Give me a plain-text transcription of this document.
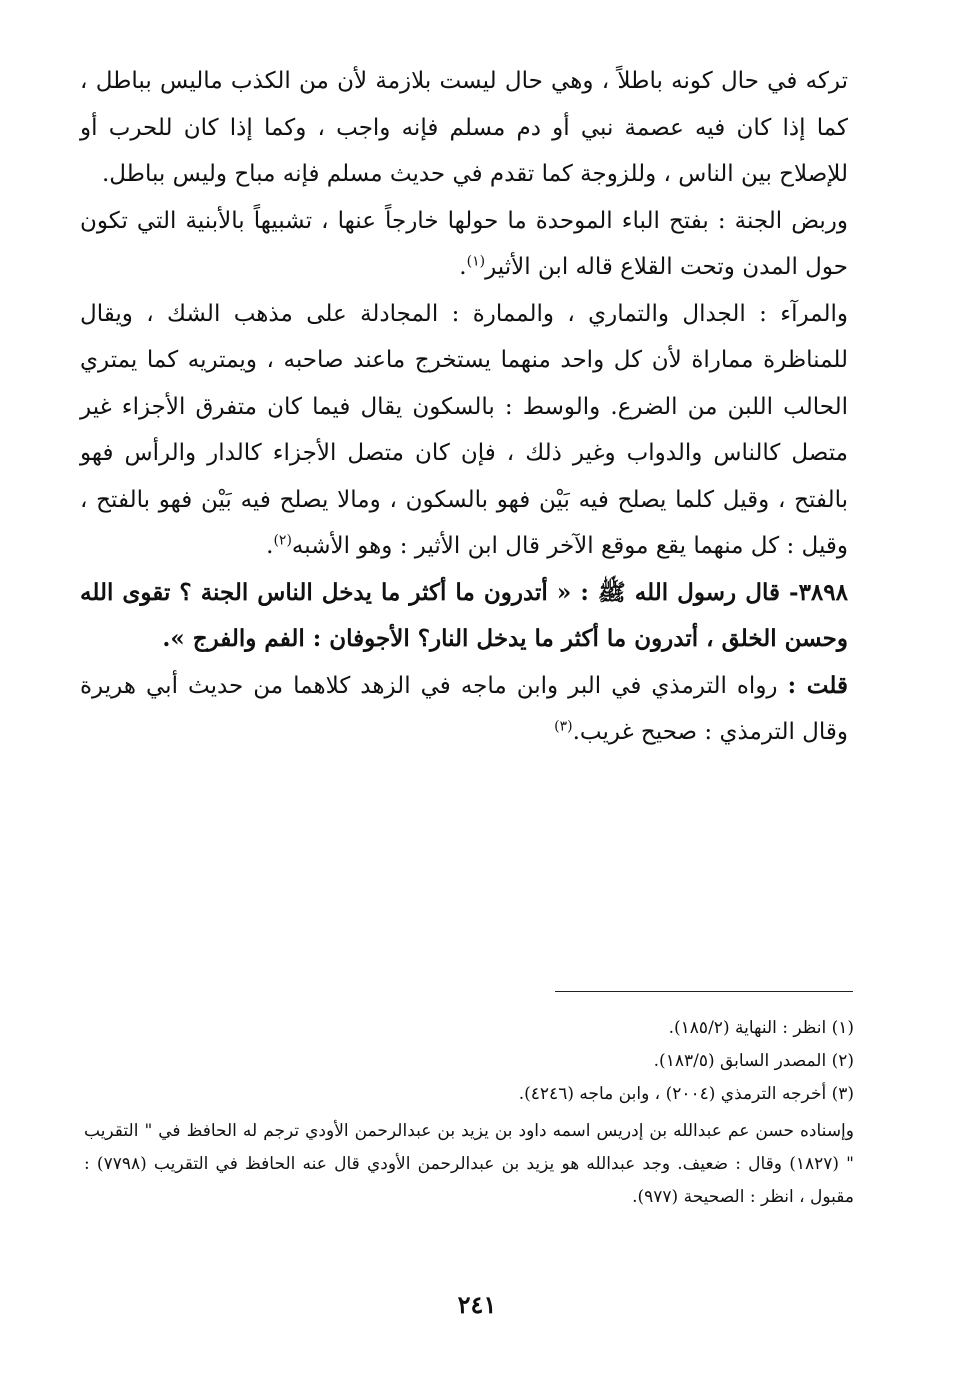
تركه في حال كونه باطلاً ، وهي حال ليست بلازمة لأن من الكذب ماليس بباطل ، كما إذا كان فيه عصمة نبي أو دم مسلم فإنه واجب ، وكما إذا كان للحرب أو للإصلاح بين الناس ، وللزوجة كما تقدم في حديث مسلم فإنه مباح وليس بباطل.

وربض الجنة : بفتح الباء الموحدة ما حولها خارجاً عنها ، تشبيهاً بالأبنية التي تكون حول المدن وتحت القلاع قاله ابن الأثير$^{(١)}$.

والمرآء : الجدال والتماري ، والممارة : المجادلة على مذهب الشك ، ويقال للمناظرة مماراة لأن كل واحد منهما يستخرج ماعند صاحبه ، ويمتريه كما يمتري الحالب اللبن من الضرع. والوسط : بالسكون يقال فيما كان متفرق الأجزاء غير متصل كالناس والدواب وغير ذلك ، فإن كان متصل الأجزاء كالدار والرأس فهو بالفتح ، وقيل كلما يصلح فيه بَيْن فهو بالسكون ، ومالا يصلح فيه بَيْن فهو بالفتح ، وقيل : كل منهما يقع موقع الآخر قال ابن الأثير : وهو الأشبه$^{(٢)}$.

٣٨٩٨- قال رسول الله ﷺ : « أتدرون ما أكثر ما يدخل الناس الجنة ؟ تقوى الله وحسن الخلق ، أتدرون ما أكثر ما يدخل النار؟ الأجوفان : الفم والفرج ».

قلت : رواه الترمذي في البر وابن ماجه في الزهد كلاهما من حديث أبي هريرة وقال الترمذي : صحيح غريب.$^{(٣)}$

(١) انظر : النهاية (١٨٥/٢).

(٢) المصدر السابق (١٨٣/٥).

(٣) أخرجه الترمذي (٢٠٠٤) ، وابن ماجه (٤٢٤٦).

وإسناده حسن عم عبدالله بن إدريس اسمه داود بن يزيد بن عبدالرحمن الأودي ترجم له الحافظ في " التقريب " (١٨٢٧) وقال : ضعيف. وجد عبدالله هو يزيد بن عبدالرحمن الأودي قال عنه الحافظ في التقريب (٧٧٩٨) : مقبول ، انظر : الصحيحة (٩٧٧).

٢٤١
